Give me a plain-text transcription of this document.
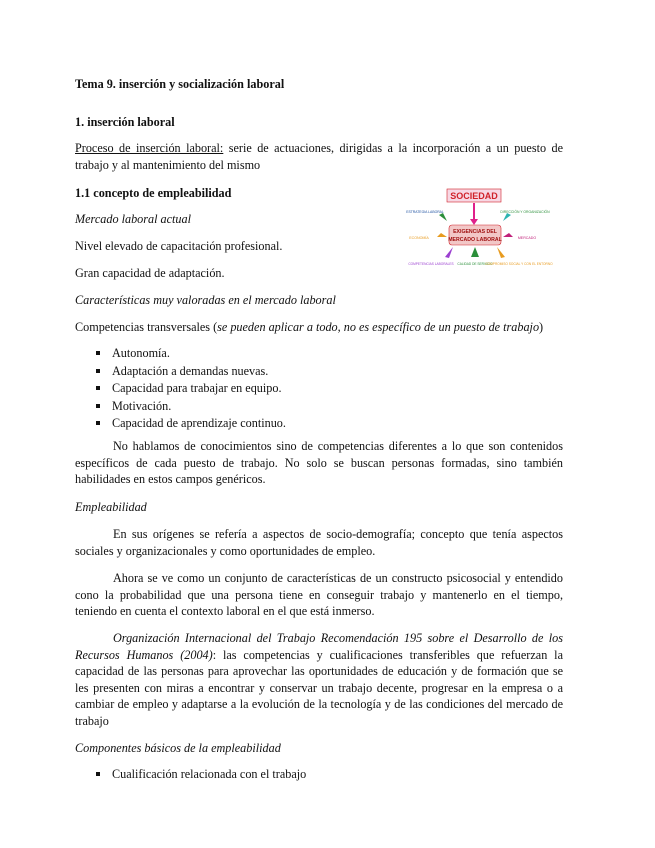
Tema 9. inserción y socialización laboral
1. inserción laboral
Proceso de inserción laboral: serie de actuaciones, dirigidas a la incorporación a un puesto de trabajo y al mantenimiento del mismo
1.1 concepto de empleabilidad
Mercado laboral actual
Nivel elevado de capacitación profesional.
Gran capacidad de adaptación.
Características muy valoradas en el mercado laboral
Competencias transversales (se pueden aplicar a todo, no es específico de un puesto de trabajo)
Autonomía.
Adaptación a demandas nuevas.
Capacidad para trabajar en equipo.
Motivación.
Capacidad de aprendizaje continuo.
No hablamos de conocimientos sino de competencias diferentes a lo que son contenidos específicos de cada puesto de trabajo. No solo se buscan personas formadas, sino también habilidades en estos campos genéricos.
Empleabilidad
En sus orígenes se refería a aspectos de socio-demografía; concepto que tenía aspectos sociales y organizacionales y como oportunidades de empleo.
Ahora se ve como un conjunto de características de un constructo psicosocial y entendido cono la probabilidad que una persona tiene en conseguir trabajo y mantenerlo en el tiempo, teniendo en cuenta el contexto laboral en el que está inmerso.
Organización Internacional del Trabajo Recomendación 195 sobre el Desarrollo de los Recursos Humanos (2004): las competencias y cualificaciones transferibles que refuerzan la capacidad de las personas para aprovechar las oportunidades de educación y de formación que se les presenten con miras a encontrar y conservar un trabajo decente, progresar en la empresa o a cambiar de empleo y adaptarse a la evolución de la tecnología y de las condiciones del mercado de trabajo
Componentes básicos de la empleabilidad
Cualificación relacionada con el trabajo
SOCIEDAD
EXIGENCIAS DEL
MERCADO LABORAL
ESTRATEGIA LABORAL	DIRECCIÓN Y ORGANIZACIÓN
ECONOMÍA	MERCADO
COMPETENCIAS LABORALES CALIDAD DE SERVICIO
COMPROMISO SOCIAL Y CON EL ENTORNO
